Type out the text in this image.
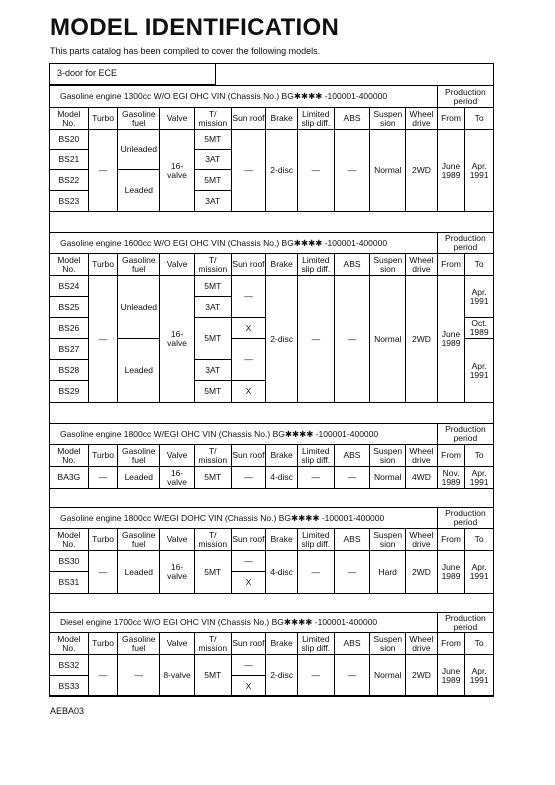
MODEL IDENTIFICATION

This parts catalog has been compiled to cover the following models.

3-door for ECE
Gasoline engine 1300cc W/O EGI OHC VIN (Chassis No.) BG✱✱✱✱ -100001-400000											Production period	
Model No.	Turbo	Gasoline fuel	Valve	T/ mission	Sun roof	Brake	Limited slip diff.	ABS	Suspen sion	Wheel drive	From	To
BS20	—	Unleaded	16- valve	5MT	—	2-disc	—	—	Normal	2WD	June 1989	Apr. 1991
BS21				3AT								
BS22		Leaded		5MT								
BS23				3AT								
Gasoline engine 1600cc W/O EGI OHC VIN (Chassis No.) BG✱✱✱✱ -100001-400000											Production period	
Model No.	Turbo	Gasoline fuel	Valve	T/ mission	Sun roof	Brake	Limited slip diff.	ABS	Suspen sion	Wheel drive	From	To
BS24	—	Unleaded	16- valve	5MT	—	2-disc	—	—	Normal	2WD	June 1989	Apr. 1991
BS25				3AT								
BS26				5MT	X							Oct. 1989
BS27		Leaded			—							Apr. 1991
BS28				3AT								
BS29				5MT	X							
Gasoline engine 1800cc W/EGI OHC VIN (Chassis No.) BG✱✱✱✱ -100001-400000											Production period	
Model No.	Turbo	Gasoline fuel	Valve	T/ mission	Sun roof	Brake	Limited slip diff.	ABS	Suspen sion	Wheel drive	From	To
BA3G	—	Leaded	16- valve	5MT	—	4-disc	—	—	Normal	4WD	Nov. 1989	Apr. 1991
Gasoline engine 1800cc W/EGI DOHC VIN (Chassis No.) BG✱✱✱✱ -100001-400000											Production period	
Model No.	Turbo	Gasoline fuel	Valve	T/ mission	Sun roof	Brake	Limited slip diff.	ABS	Suspen sion	Wheel drive	From	To
BS30	—	Leaded	16- valve	5MT	—	4-disc	—	—	Hard	2WD	June 1989	Apr. 1991
BS31					X							
Diesel engine 1700cc W/O EGI OHC VIN (Chassis No.) BG✱✱✱✱ -100001-400000											Production period	
Model No.	Turbo	Gasoline fuel	Valve	T/ mission	Sun roof	Brake	Limited slip diff.	ABS	Suspen sion	Wheel drive	From	To
BS32	—	—	8-valve	5MT	—	2-disc	—	—	Normal	2WD	June 1989	Apr. 1991
BS33					X							

AEBA03
